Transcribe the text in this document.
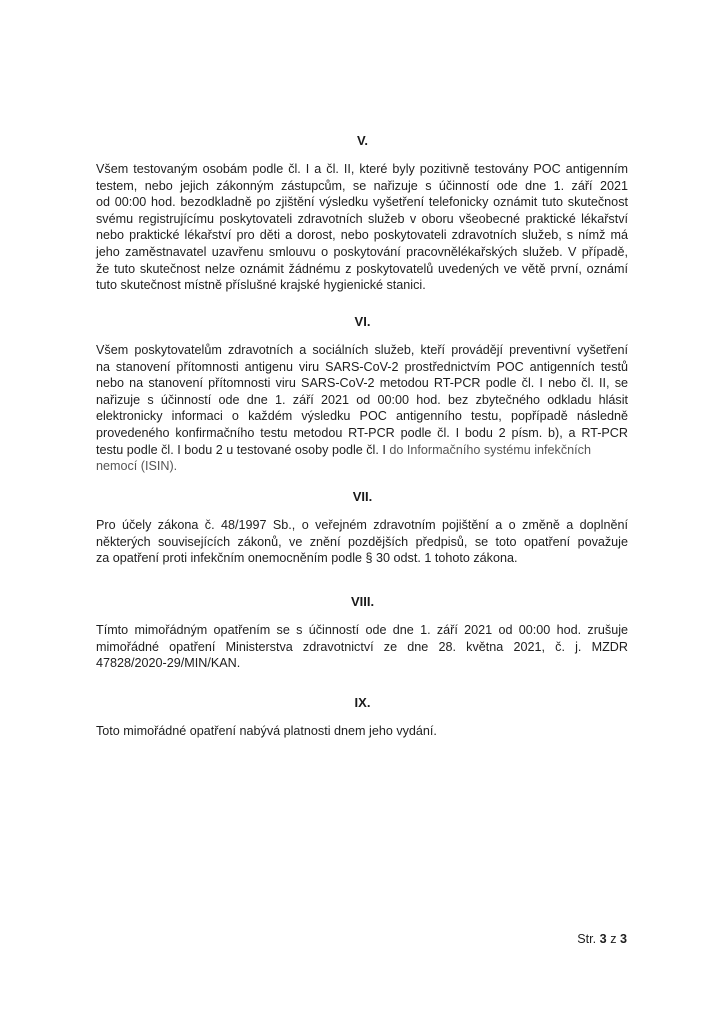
V.
Všem testovaným osobám podle čl. I a čl. II, které byly pozitivně testovány POC antigenním
testem, nebo jejich zákonným zástupcům, se nařizuje s účinností ode dne 1. září 2021
od 00:00 hod. bezodkladně po zjištění výsledku vyšetření telefonicky oznámit tuto skutečnost
svému registrujícímu poskytovateli zdravotních služeb v oboru všeobecné praktické lékařství
nebo praktické lékařství pro děti a dorost, nebo poskytovateli zdravotních služeb, s nímž má
jeho zaměstnavatel uzavřenu smlouvu o poskytování pracovnělékařských služeb. V případě,
že tuto skutečnost nelze oznámit žádnému z poskytovatelů uvedených ve větě první, oznámí
tuto skutečnost místně příslušné krajské hygienické stanici.
VI.
Všem poskytovatelům zdravotních a sociálních služeb, kteří provádějí preventivní vyšetření
na stanovení přítomnosti antigenu viru SARS-CoV-2 prostřednictvím POC antigenních testů
nebo na stanovení přítomnosti viru SARS-CoV-2 metodou RT-PCR podle čl. I nebo čl. II, se
nařizuje s účinností ode dne 1. září 2021 od 00:00 hod. bez zbytečného odkladu hlásit
elektronicky informaci o každém výsledku POC antigenního testu, popřípadě následně
provedeného konfirmačního testu metodou RT-PCR podle čl. I bodu 2 písm. b), a RT-PCR
testu podle čl. I bodu 2 u testované osoby podle čl. I do Informačního systému infekčních
nemocí (ISIN).
VII.
Pro účely zákona č. 48/1997 Sb., o veřejném zdravotním pojištění a o změně a doplnění
některých souvisejících zákonů, ve znění pozdějších předpisů, se toto opatření považuje
za opatření proti infekčním onemocněním podle § 30 odst. 1 tohoto zákona.
VIII.
Tímto mimořádným opatřením se s účinností ode dne 1. září 2021 od 00:00 hod. zrušuje
mimořádné opatření Ministerstva zdravotnictví ze dne 28. května 2021, č. j. MZDR
47828/2020-29/MIN/KAN.
IX.
Toto mimořádné opatření nabývá platnosti dnem jeho vydání.
Str. 3 z 3
